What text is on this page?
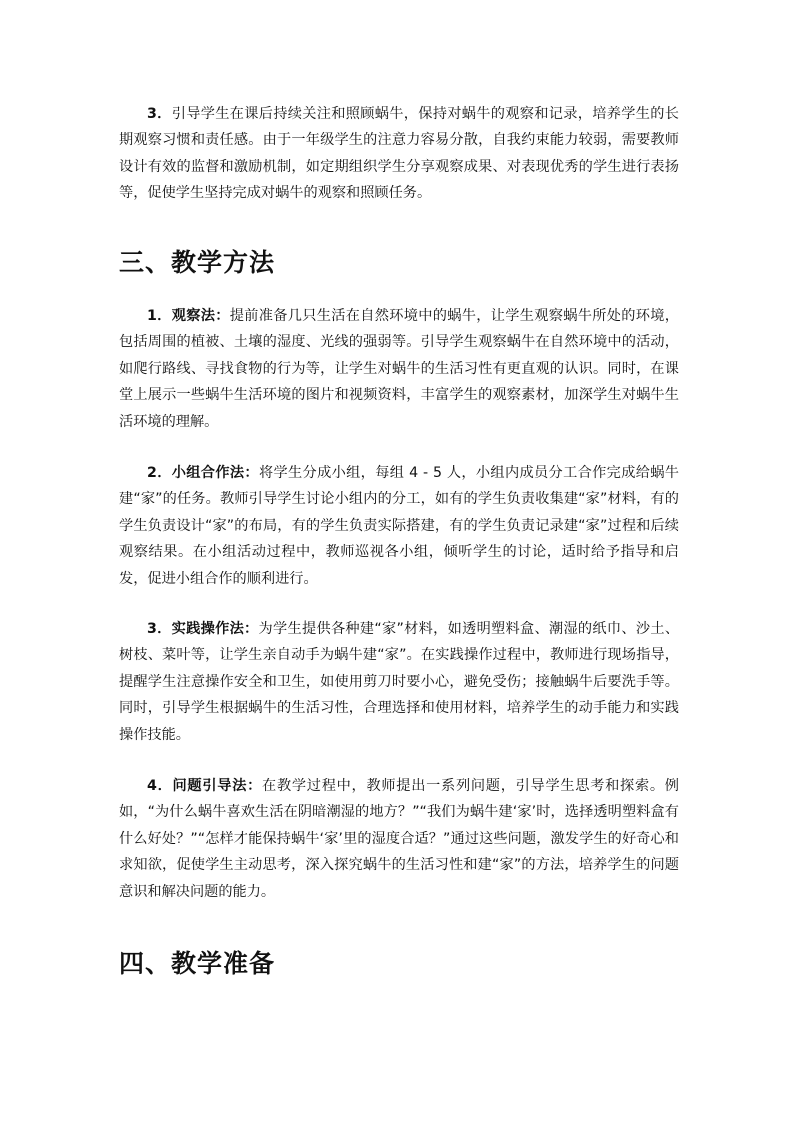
3．引导学生在课后持续关注和照顾蜗牛，保持对蜗牛的观察和记录，培养学生的长期观察习惯和责任感。由于一年级学生的注意力容易分散，自我约束能力较弱，需要教师设计有效的监督和激励机制，如定期组织学生分享观察成果、对表现优秀的学生进行表扬等，促使学生坚持完成对蜗牛的观察和照顾任务。

三、教学方法

1．观察法：提前准备几只生活在自然环境中的蜗牛，让学生观察蜗牛所处的环境，包括周围的植被、土壤的湿度、光线的强弱等。引导学生观察蜗牛在自然环境中的活动，如爬行路线、寻找食物的行为等，让学生对蜗牛的生活习性有更直观的认识。同时，在课堂上展示一些蜗牛生活环境的图片和视频资料，丰富学生的观察素材，加深学生对蜗牛生活环境的理解。

2．小组合作法：将学生分成小组，每组 4 - 5 人，小组内成员分工合作完成给蜗牛建“家”的任务。教师引导学生讨论小组内的分工，如有的学生负责收集建“家”材料，有的学生负责设计“家”的布局，有的学生负责实际搭建，有的学生负责记录建“家”过程和后续观察结果。在小组活动过程中，教师巡视各小组，倾听学生的讨论，适时给予指导和启发，促进小组合作的顺利进行。

3．实践操作法：为学生提供各种建“家”材料，如透明塑料盒、潮湿的纸巾、沙土、树枝、菜叶等，让学生亲自动手为蜗牛建“家”。在实践操作过程中，教师进行现场指导，提醒学生注意操作安全和卫生，如使用剪刀时要小心，避免受伤；接触蜗牛后要洗手等。同时，引导学生根据蜗牛的生活习性，合理选择和使用材料，培养学生的动手能力和实践操作技能。

4．问题引导法：在教学过程中，教师提出一系列问题，引导学生思考和探索。例如，“为什么蜗牛喜欢生活在阴暗潮湿的地方？”“我们为蜗牛建‘家’时，选择透明塑料盒有什么好处？”“怎样才能保持蜗牛‘家’里的湿度合适？”通过这些问题，激发学生的好奇心和求知欲，促使学生主动思考，深入探究蜗牛的生活习性和建“家”的方法，培养学生的问题意识和解决问题的能力。

四、教学准备
